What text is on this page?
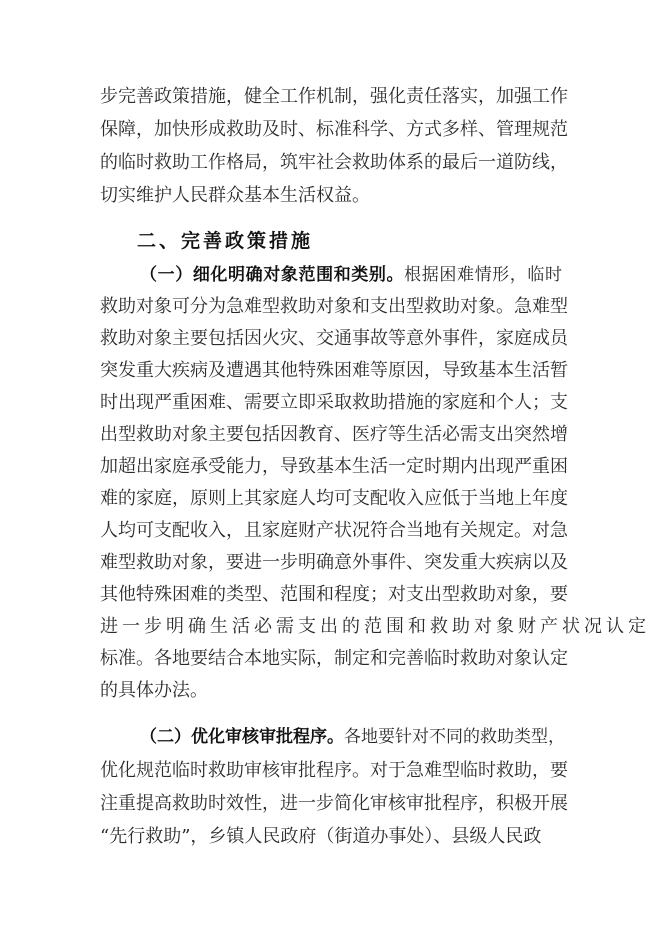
步完善政策措施，健全工作机制，强化责任落实，加强工作
保障，加快形成救助及时、标准科学、方式多样、管理规范
的临时救助工作格局，筑牢社会救助体系的最后一道防线，
切实维护人民群众基本生活权益。
二、完善政策措施
（一）细化明确对象范围和类别。根据困难情形，临时
救助对象可分为急难型救助对象和支出型救助对象。急难型
救助对象主要包括因火灾、交通事故等意外事件，家庭成员
突发重大疾病及遭遇其他特殊困难等原因，导致基本生活暂
时出现严重困难、需要立即采取救助措施的家庭和个人；支
出型救助对象主要包括因教育、医疗等生活必需支出突然增
加超出家庭承受能力，导致基本生活一定时期内出现严重困
难的家庭，原则上其家庭人均可支配收入应低于当地上年度
人均可支配收入，且家庭财产状况符合当地有关规定。对急
难型救助对象，要进一步明确意外事件、突发重大疾病以及
其他特殊困难的类型、范围和程度；对支出型救助对象，要
进一步明确生活必需支出的范围和救助对象财产状况认定
标准。各地要结合本地实际，制定和完善临时救助对象认定
的具体办法。
（二）优化审核审批程序。各地要针对不同的救助类型，
优化规范临时救助审核审批程序。对于急难型临时救助，要
注重提高救助时效性，进一步简化审核审批程序，积极开展
“先行救助”，乡镇人民政府（街道办事处）、县级人民政
